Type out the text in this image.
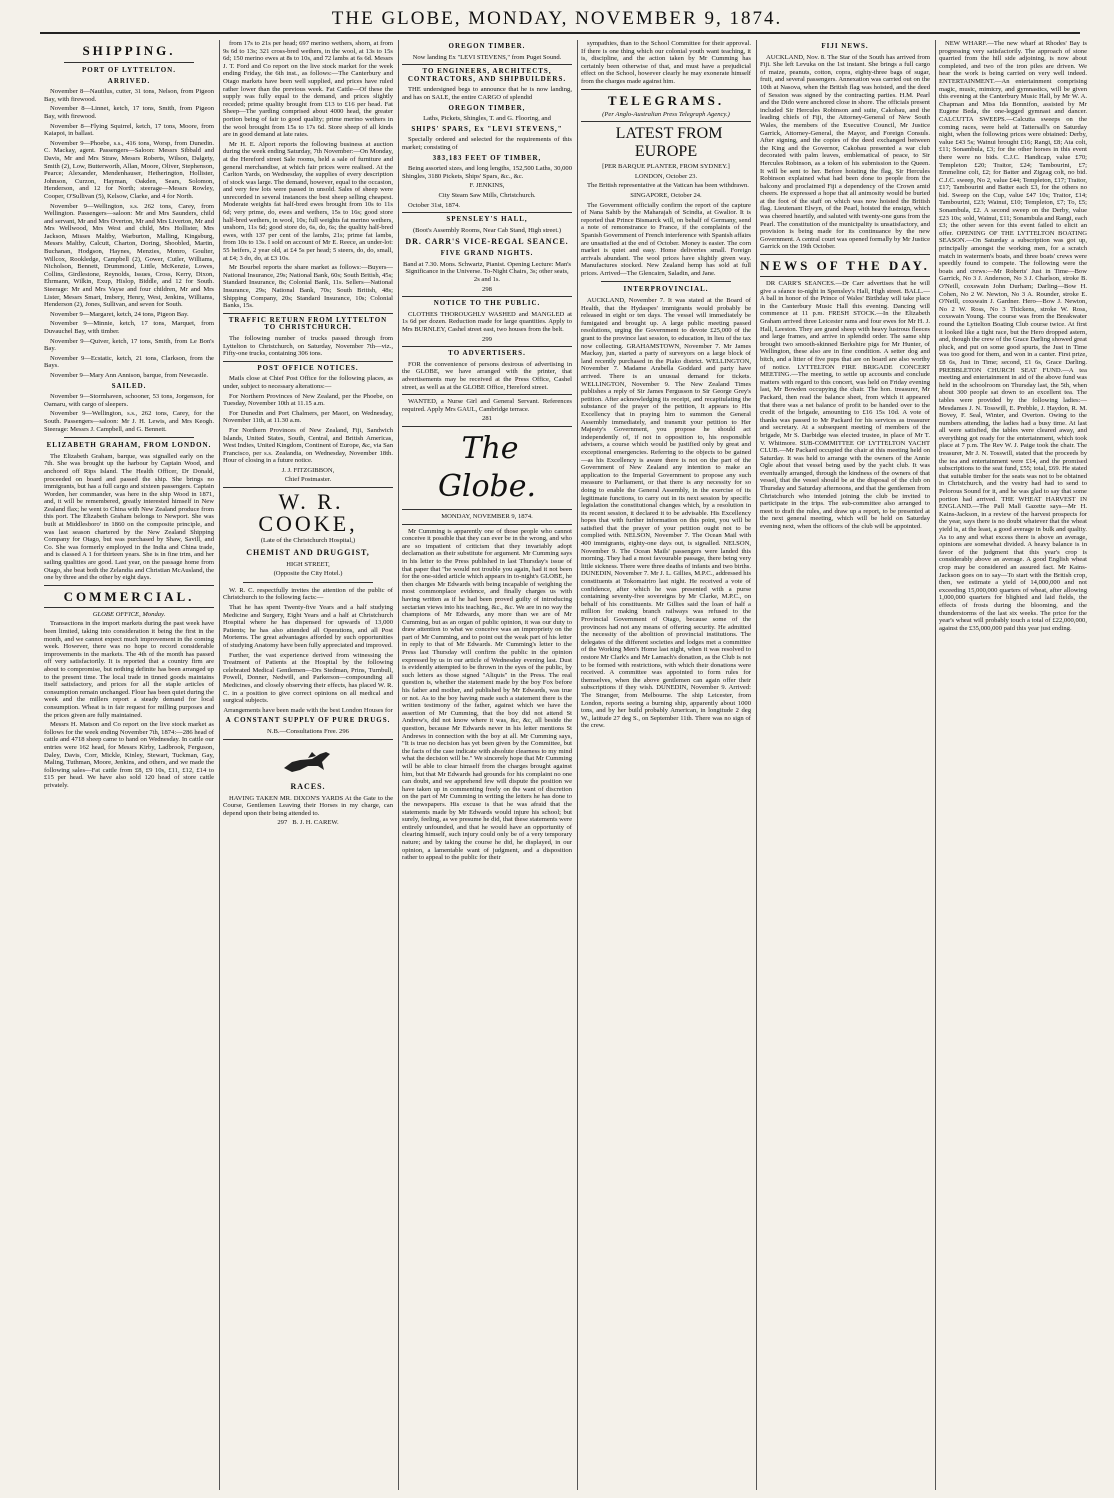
THE GLOBE, MONDAY, NOVEMBER 9, 1874.

SHIPPING.

PORT OF LYTTELTON.

ARRIVED.

November 8—Nautilus, cutter, 31 tons, Nelson, from Pigeon Bay, with firewood.

November 8—Linnet, ketch, 17 tons, Smith, from Pigeon Bay, with firewood.

November 8—Flying Squirrel, ketch, 17 tons, Moore, from Kaiapoi, in ballast.

November 9—Phoebe, s.s., 416 tons, Worsp, from Dunedin. C. Mackay, agent. Passengers—Saloon: Messrs Sibbald and Davis, Mr and Mrs Straw, Messrs Roberts, Wilson, Dalgety, Smith (2), Low, Butterworth, Allan, Moore, Oliver, Stephenson, Pearce; Alexander, Mendenhauser, Hetherington, Hollister, Johnson, Curzon, Hayman, Oakden, Sears, Solomon, Henderson, and 12 for North; steerage—Messrs Rowley, Cooper, O'Sullivan (5), Kelsow, Clarke, and 4 for North.

November 9—Wellington, s.s. 262 tons, Carey, from Wellington. Passengers—saloon: Mr and Mrs Saunders, child and servant, Mr and Mrs Overton, Mr and Mrs Liverton, Mr and Mrs Wellwood, Mrs West and child, Mrs Hollister, Mrs Jackson, Misses Maltby, Warburton, Malling, Kingsburg, Messrs Maltby, Calcutt, Charton, Doring, Shoobled, Martin, Buchanan, Hodgson, Haynes, Menzies, Monro, Goulter, Willcox, Rookledge, Campbell (2), Gower, Cutler, Williams, Nicholson, Bennett, Drummond, Little, McKenzie, Lowes, Collins, Girdlestone, Reynolds, Issues, Cross, Kerry, Dixon, Ehrmann, Wilkin, Exup, Hislop, Biddle, and 12 for South. Steerage: Mr and Mrs Vayse and four children, Mr and Mrs Lister, Messrs Smart, Imbery, Henry, West, Jenkins, Williams, Henderson (2), Jones, Sullivan, and seven for South.

November 9—Margaret, ketch, 24 tons, Pigeon Bay.

November 9—Minnie, ketch, 17 tons, Marquet, from Duvauchel Bay, with timber.

November 9—Quiver, ketch, 17 tons, Smith, from Le Bon's Bay.

November 9—Ecstatic, ketch, 21 tons, Clarkson, from the Bays.

November 9—Mary Ann Annison, barque, from Newcastle.

SAILED.

November 9—Stormhaven, schooner, 53 tons, Jorgenson, for Oamaru, with cargo of sleepers.

November 9—Wellington, s.s., 262 tons, Carey, for the South. Passengers—saloon: Mr J. H. Lewis, and Mrs Keogh. Steerage: Messrs J. Campbell, and G. Bennett.

ELIZABETH GRAHAM, FROM LONDON.

The Elizabeth Graham, barque, was signalled early on the 7th. She was brought up the harbour by Captain Wood, and anchored off Rips Island. The Health Officer, Dr Donald, proceeded on board and passed the ship. She brings no immigrants, but has a full cargo and sixteen passengers. Captain Worden, her commander, was here in the ship Wood in 1871, and, it will be remembered, greatly interested himself in New Zealand flax; he went to China with New Zealand produce from this port. The Elizabeth Graham belongs to Newport. She was built at Middlesboro' in 1860 on the composite principle, and was last season chartered by the New Zealand Shipping Company for Otago, but was purchased by Shaw, Savill, and Co. She was formerly employed in the India and China trade, and is classed A 1 for thirteen years. She is in fine trim, and her sailing qualities are good. Last year, on the passage home from Otago, she beat both the Zelandia and Christian McAusland, the one by three and the other by eight days.

COMMERCIAL.

GLOBE OFFICE, Monday.

Transactions in the import markets during the past week have been limited, taking into consideration it being the first in the month, and we cannot expect much improvement in the coming week. However, there was no hope to record considerable improvements in the markets. The 4th of the month has passed off very satisfactorily. It is reported that a country firm are about to compromise, but nothing definite has been arranged up to the present time. The local trade in tinned goods maintains itself satisfactory, and prices for all the staple articles of consumption remain unchanged. Flour has been quiet during the week and the millers report a steady demand for local consumption. Wheat is in fair request for milling purposes and the prices given are fully maintained.

Messrs H. Matson and Co report on the live stock market as follows for the week ending November 7th, 1874:—286 head of cattle and 4718 sheep came to hand on Wednesday. In cattle our entries were 162 head, for Messrs Kirby, Ladbrook, Ferguson, Daley, Davis, Corr, Mickle, Kinley, Stewart, Tuckman, Gay, Maling, Tuthman, Moore, Jenkins, and others, and we made the following sales—Fat cattle from £8, £9 10s, £11, £12, £14 to £15 per head. We have also sold 120 head of store cattle privately.

from 17s to 21s per head; 697 merino wethers, shorn, at from 9s 6d to 13s; 321 cross-bred wethers, in the wool, at 13s to 15s 6d; 150 merino ewes at 8s to 10s, and 72 lambs at 6s 6d. Messrs J. T. Ford and Co report on the live stock market for the week ending Friday, the 6th inst., as follows:—The Canterbury and Otago markets have been well supplied, and prices have ruled rather lower than the previous week. Fat Cattle—Of these the supply was fully equal to the demand, and prices slightly receded; prime quality brought from £13 to £16 per head. Fat Sheep—The yarding comprised about 4000 head, the greater portion being of fair to good quality; prime merino wethers in the wool brought from 15s to 17s 6d. Store sheep of all kinds are in good demand at late rates.

Mr H. E. Alport reports the following business at auction during the week ending Saturday, 7th November:—On Monday, at the Hereford street Sale rooms, held a sale of furniture and general merchandise, at which fair prices were realised. At the Carlton Yards, on Wednesday, the supplies of every description of stock was large. The demand, however, equal to the occasion, and very few lots were passed in unsold. Sales of sheep were unrecorded in several instances the best sheep selling cheapest. Moderate weights fat half-bred ewes brought from 10s to 11s 6d; very prime, do, ewes and wethers, 15s to 16s; good store half-bred wethers, in wool, 10s; full weights fat merino wethers, unshorn, 11s 6d; good store do, 6s, do, 6s; the quality half-bred ewes, with 137 per cent of the lambs, 21s; prime fat lambs, from 10s to 13s. I sold on account of Mr E. Reece, an under-lot: 55 heifers, 2 year old, at £4 5s per head; 5 steers, do, do, small, at £4; 3 do, do, at £3 10s.

Mr Bourbel reports the share market as follows:—Buyers—National Insurance, 29s; National Bank, 60s; South British, 45s; Standard Insurance, 8s; Colonial Bank, 11s. Sellers—National Insurance, 29s; National Bank, 70s; South British, 48s; Shipping Company, 20s; Standard Insurance, 10s; Colonial Banks, 15s.

TRAFFIC RETURN FROM LYTTELTON TO CHRISTCHURCH.

The following number of trucks passed through from Lyttelton to Christchurch, on Saturday, November 7th—viz., Fifty-one trucks, containing 306 tons.

POST OFFICE NOTICES.

Mails close at Chief Post Office for the following places, as under, subject to necessary alterations:—

For Northern Provinces of New Zealand, per the Phoebe, on Tuesday, November 10th at 11.15 a.m.

For Dunedin and Port Chalmers, per Maori, on Wednesday, November 11th, at 11.30 a.m.

For Northern Provinces of New Zealand, Fiji, Sandwich Islands, United States, South, Central, and British Americas, West Indies, United Kingdom, Continent of Europe, &c, via San Francisco, per s.s. Zealandia, on Wednesday, November 18th. Hour of closing in a future notice.

J. J. FITZGIBBON,

Chief Postmaster.

W. R. COOKE,

(Late of the Christchurch Hospital,)

CHEMIST AND DRUGGIST,

HIGH STREET,

(Opposite the City Hotel.)

W. R. C. respectfully invites the attention of the public of Christchurch to the following facts:—

That he has spent Twenty-five Years and a half studying Medicine and Surgery, Eight Years and a half at Christchurch Hospital where he has dispensed for upwards of 13,000 Patients; he has also attended all Operations, and all Post Mortems. The great advantages afforded by such opportunities of studying Anatomy have been fully appreciated and improved.

Further, the vast experience derived from witnessing the Treatment of Patients at the Hospital by the following celebrated Medical Gentlemen—Drs Stedman, Prins, Turnbull, Powell, Donner, Nedwill, and Parkerson—compounding all Medicines, and closely observing their effects, has placed W. R. C. in a position to give correct opinions on all medical and surgical subjects.

Arrangements have been made with the best London Houses for

A CONSTANT SUPPLY OF PURE DRUGS.

N.B.—Consultations Free. 296

RACES.

HAVING TAKEN MR. DIXON'S YARDS At the Gate to the Course, Gentlemen Leaving their Horses in my charge, can depend upon their being attended to.

297 B. J. H. CAREW.

OREGON TIMBER.

Now landing Ex "LEVI STEVENS," from Puget Sound.

TO ENGINEERS, ARCHITECTS, CONTRACTORS, AND SHIPBUILDERS.

THE undersigned begs to announce that he is now landing, and has on SALE, the entire CARGO of splendid

OREGON TIMBER,

Laths, Pickets, Shingles, T. and G. Flooring, and

SHIPS' SPARS, Ex "LEVI STEVENS,"

Specially ordered and selected for the requirements of this market; consisting of

383,183 FEET OF TIMBER,

Being assorted sizes, and long lengths, 152,500 Laths, 30,000 Shingles, 3180 Pickets, Ships' Spars, &c., &c.

F. JENKINS,

City Steam Saw Mills, Christchurch.

October 31st, 1874.

SPENSLEY'S HALL,

(Boot's Assembly Rooms, Near Cab Stand, High street.)

DR. CARR'S VICE-REGAL SEANCE.

FIVE GRAND NIGHTS.

Band at 7.30. Mons. Schwartz, Pianist. Opening Lecture: Man's Significance in the Universe. To-Night Chairs, 3s; other seats, 2s and 1s.

298

NOTICE TO THE PUBLIC.

CLOTHES THOROUGHLY WASHED and MANGLED at 1s 6d per dozen. Reduction made for large quantities. Apply to Mrs BURNLEY, Cashel street east, two houses from the belt.

299

TO ADVERTISERS.

FOR the convenience of persons desirous of advertising in the GLOBE, we have arranged with the printer, that advertisements may be received at the Press Office, Cashel street, as well as at the GLOBE Office, Hereford street.

WANTED, a Nurse Girl and General Servant. References required. Apply Mrs GAUL, Cambridge terrace.

281

The Globe.

MONDAY, NOVEMBER 9, 1874.

Mr Cumming is apparently one of those people who cannot conceive it possible that they can ever be in the wrong, and who are so impatient of criticism that they invariably adopt declamation as their substitute for argument. Mr Cumming says in his letter to the Press published in last Thursday's issue of that paper that "he would not trouble you again, had it not been for the one-sided article which appears in to-night's GLOBE, he then charges Mr Edwards with being incapable of weighing the most commonplace evidence, and finally charges us with having written as if he had been proved guilty of introducing sectarian views into his teaching, &c., &c. We are in no way the champions of Mr Edwards, any more than we are of Mr Cumming, but as an organ of public opinion, it was our duty to draw attention to what we conceive was an impropriety on the part of Mr Cumming, and to point out the weak part of his letter in reply to that of Mr Edwards. Mr Cumming's letter to the Press last Thursday will confirm the public in the opinion expressed by us in our article of Wednesday evening last. Dust is evidently attempted to be thrown in the eyes of the public, by such letters as those signed "Aliquis" in the Press. The real question is, whether the statement made by the boy Fox before his father and mother, and published by Mr Edwards, was true or not. As to the boy having made such a statement there is the written testimony of the father, against which we have the assertion of Mr Cumming, that the boy did not attend St Andrew's, did not know where it was, &c, &c, all beside the question, because Mr Edwards never in his letter mentions St Andrews in connection with the boy at all. Mr Cumming says, "It is true no decision has yet been given by the Committee, but the facts of the case indicate with absolute clearness to my mind what the decision will be." We sincerely hope that Mr Cumming will be able to clear himself from the charges brought against him, but that Mr Edwards had grounds for his complaint no one can doubt, and we apprehend few will dispute the position we have taken up in commenting freely on the want of discretion on the part of Mr Cumming in writing the letters he has done to the newspapers. His excuse is that he was afraid that the statements made by Mr Edwards would injure his school; but surely, feeling, as we presume he did, that these statements were entirely unfounded, and that he would have an opportunity of clearing himself, such injury could only be of a very temporary nature; and by taking the course he did, he displayed, in our opinion, a lamentable want of judgment, and a disposition rather to appeal to the public for their

sympathies, than to the School Committee for their approval. If there is one thing which our colonial youth want teaching, it is, discipline, and the action taken by Mr Cumming has certainly been otherwise of that, and must have a prejudicial effect on the School, however clearly he may exonerate himself from the charges made against him.

TELEGRAMS.

(Per Anglo-Australian Press Telegraph Agency.)

LATEST FROM EUROPE

[PER BARQUE PLANTER, FROM SYDNEY.]

LONDON, October 23.

The British representative at the Vatican has been withdrawn.

SINGAPORE, October 24.

The Government officially confirm the report of the capture of Nana Sahib by the Maharajah of Scindia, at Gwalior. It is reported that Prince Bismarck will, on behalf of Germany, send a note of remonstrance to France, if the complaints of the Spanish Government of French interference with Spanish affairs are unsatisfied at the end of October. Money is easier. The corn market is quiet and easy. Home deliveries small. Foreign arrivals abundant. The wool prices have slightly given way. Manufactures stocked. New Zealand hemp has sold at full prices. Arrived—The Glencairn, Saladin, and Jane.

INTERPROVINCIAL.

AUCKLAND, November 7. It was stated at the Board of Health, that the Hydaspes' immigrants would probably be released in eight or ten days. The vessel will immediately be fumigated and brought up. A large public meeting passed resolutions, urging the Government to devote £25,000 of the grant to the province last session, to education, in lieu of the tax now collecting. GRAHAMSTOWN, November 7. Mr James Mackay, jun, started a party of surveyors on a large block of land recently purchased in the Piako district. WELLINGTON, November 7. Madame Arabella Goddard and party have arrived. There is an unusual demand for tickets. WELLINGTON, November 9. The New Zealand Times publishes a reply of Sir James Fergusson to Sir George Grey's petition. After acknowledging its receipt, and recapitulating the substance of the prayer of the petition, It appears to His Excellency that in praying him to summon the General Assembly immediately, and transmit your petition to Her Majesty's Government, you propose he should act independently of, if not in opposition to, his responsible advisers, a course which would be justified only by great and exceptional emergencies. Referring to the objects to be gained—as his Excellency is aware there is not on the part of the Government of New Zealand any intention to make an application to the Imperial Government to propose any such measure to Parliament, or that there is any necessity for so doing to enable the General Assembly, in the exercise of its legitimate functions, to carry out in its next session by specific legislation the constitutional changes which, by a resolution in its recent session, it declared it to be advisable. His Excellency hopes that with further information on this point, you will be satisfied that the prayer of your petition ought not to be complied with. NELSON, November 7. The Ocean Mail with 400 immigrants, eighty-one days out, is signalled. NELSON, November 9. The Ocean Mails' passengers were landed this morning. They had a most favourable passage, there being very little sickness. There were three deaths of infants and two births. DUNEDIN, November 7. Mr J. L. Gillies, M.P.C., addressed his constituents at Tokomairiro last night. He received a vote of confidence, after which he was presented with a purse containing seventy-five sovereigns by Mr Clarke, M.P.C., on behalf of his constituents. Mr Gillies said the loan of half a million for making branch railways was refused to the Provincial Government of Otago, because some of the provinces had not any means of offering security. He admitted the necessity of the abolition of provincial institutions. The delegates of the different societies and lodges met a committee of the Working Men's Home last night, when it was resolved to restore Mr Clark's and Mr Lamach's donation, as the Club is not to be formed with restrictions, with which their donations were received. A committee was appointed to form rules for themselves, when the above gentlemen can again offer their subscriptions if they wish. DUNEDIN, November 9. Arrived: The Stranger, from Melbourne. The ship Leicester, from London, reports seeing a burning ship, apparently about 1000 tons, and by her build probably American, in longitude 2 deg W., latitude 27 deg S., on September 11th. There was no sign of the crew.

FIJI NEWS.

AUCKLAND, Nov. 8. The Star of the South has arrived from Fiji. She left Levuka on the 1st instant. She brings a full cargo of maize, peanuts, cotton, copra, eighty-three bags of sugar, fruit, and several passengers. Annexation was carried out on the 10th at Nasova, when the British flag was hoisted, and the deed of Session was signed by the contracting parties. H.M. Pearl and the Dido were anchored close in shore. The officials present included Sir Hercules Robinson and suite, Cakobau, and the leading chiefs of Fiji, the Attorney-General of New South Wales, the members of the Executive Council, Mr Justice Garrick, Attorney-General, the Mayor, and Foreign Consuls. After signing, and the copies of the deed exchanged between the King and the Governor, Cakobau presented a war club decorated with palm leaves, emblematical of peace, to Sir Hercules Robinson, as a token of his submission to the Queen. It will be sent to her. Before hoisting the flag, Sir Hercules Robinson explained what had been done to people from the balcony and proclaimed Fiji a dependency of the Crown amid cheers. He expressed a hope that all animosity would be buried at the foot of the staff on which was now hoisted the British flag. Lieutenant Elwyn, of the Pearl, hoisted the ensign, which was cheered heartily, and saluted with twenty-one guns from the Pearl. The constitution of the municipality is unsatisfactory, and provision is being made for its continuance by the new Government. A central court was opened formally by Mr Justice Garrick on the 19th October.

NEWS OF THE DAY.

DR CARR'S SEANCES.—Dr Carr advertises that he will give a séance to-night in Spensley's Hall, High street. BALL.—A ball in honor of the Prince of Wales' Birthday will take place in the Canterbury Music Hall this evening. Dancing will commence at 11 p.m. FRESH STOCK.—In the Elizabeth Graham arrived three Leicester rams and four ewes for Mr H. J. Hall, Leeston. They are grand sheep with heavy lustrous fleeces and large frames, and arrive in splendid order. The same ship brought two smooth-skinned Berkshire pigs for Mr Hunter, of Wellington, these also are in fine condition. A setter dog and bitch, and a litter of five pups that are on board are also worthy of notice. LYTTELTON FIRE BRIGADE CONCERT MEETING.—The meeting, to settle up accounts and conclude matters with regard to this concert, was held on Friday evening last, Mr Bowden occupying the chair. The hon. treasurer, Mr Packard, then read the balance sheet, from which it appeared that there was a net balance of profit to be handed over to the credit of the brigade, amounting to £16 15s 10d. A vote of thanks was passed to Mr Packard for his services as treasurer and secretary. At a subsequent meeting of members of the brigade, Mr S. Darbidge was elected trustee, in place of Mr T. V. Whitmore. SUB-COMMITTEE OF LYTTELTON YACHT CLUB.—Mr Packard occupied the chair at this meeting held on Saturday. It was held to arrange with the owners of the Annie Ogle about that vessel being used by the yacht club. It was eventually arranged, through the kindness of the owners of that vessel, that the vessel should be at the disposal of the club on Thursday and Saturday afternoons, and that the gentlemen from Christchurch who intended joining the club be invited to participate in the trips. The sub-committee also arranged to meet to draft the rules, and draw up a report, to be presented at the next general meeting, which will be held on Saturday evening next, when the officers of the club will be appointed.

NEW WHARF.—The new wharf at Rhodes' Bay is progressing very satisfactorily. The approach of stone quarried from the hill side adjoining, is now about completed, and two of the iron piles are driven. We hear the work is being carried on very well indeed. ENTERTAINMENT.—An entertainment comprising magic, music, mimicry, and gymnastics, will be given this evening at the Canterbury Music Hall, by Mr W. A. Chapman and Miss Ida Bonnifon, assisted by Mr Eugene Beda, the one-legged gymnast and dancer. CALCUTTA SWEEPS.—Calcutta sweeps on the coming races, were held at Tattersall's on Saturday night, when the following prices were obtained: Derby, value £43 5s; Wainui brought £16; Rangi, £8; Ata colt, £11; Sonambula, £3; for the other horses in this event there were no bids. C.J.C. Handicap, value £70; Templeton £20; Traitor, £24; Tambourini, £7; Emmeline colt, £2; for Batter and Zigzag colt, no bid. C.J.C. sweep, No 2, value £44; Templeton, £17; Traitor, £17; Tambourini and Batter each £3, for the others no bid. Sweep on the Cup, value £47 10s; Traitor, £14; Tambourini, £23; Wainui, £10; Templeton, £7; To, £5; Sonambula, £2. A second sweep on the Derby, value £23 10s; sold, Wainui, £11; Sonambula and Rangi, each £3; the other seven for this event failed to elicit an offer. OPENING OF THE LYTTELTON BOATING SEASON.—On Saturday a subscription was got up, principally amongst the working men, for a scratch match in watermen's boats, and three boats' crews were speedily found to compete. The following were the boats and crews:—Mr Roberts' Just in Time—Bow Garrick, No 3 J. Anderson, No 3 J. Charlson, stroke B. O'Neill, coxswain John Durham; Darling—Bow H. Cohen, No 2 W. Newton, No 3 A. Rounder, stroke E. O'Neill, coxswain J. Gardner. Hero—Bow J. Newton, No 2 W. Ross, No 3 Thickens, stroke W. Ross, coxswain Young. The course was from the Breakwater round the Lyttelton Boating Club course twice. At first it looked like a tight race, but the Hero dropped astern, and, though the crew of the Grace Darling showed great pluck, and put on some good spurts, the Just in Time was too good for them, and won in a canter. First prize, £8 6s, Just in Time; second, £1 6s, Grace Darling. PREBBLETON CHURCH SEAT FUND.—A tea meeting and entertainment in aid of the above fund was held in the schoolroom on Thursday last, the 5th, when about 300 people sat down to an excellent tea. The tables were provided by the following ladies:—Mesdames J. N. Tosswill, E. Prebble, J. Haydon, R. M. Bovey, F. Seal, Winter, and Overton. Owing to the numbers attending, the ladies had a busy time. At last all were satisfied, the tables were cleared away, and everything got ready for the entertainment, which took place at 7 p.m. The Rev W. J. Paige took the chair. The treasurer, Mr J. N. Tosswill, stated that the proceeds by the tea and entertainment were £14, and the promised subscriptions to the seat fund, £55; total, £69. He stated that suitable timber for the seats was not to be obtained in Christchurch, and the vestry had had to send to Pelorous Sound for it, and he was glad to say that some portion had arrived. THE WHEAT HARVEST IN ENGLAND.—The Pall Mall Gazette says—Mr H. Kains-Jackson, in a review of the harvest prospects for the year, says there is no doubt whatever that the wheat yield is, at the least, a good average in bulk and quality. As to any and what excess there is above an average, opinions are somewhat divided. A heavy balance is in favor of the judgment that this year's crop is considerably above an average. A good English wheat crop may be considered an assured fact. Mr Kains-Jackson goes on to say—To start with the British crop, then, we estimate a yield of 14,000,000 and not exceeding 15,000,000 quarters of wheat, after allowing 1,000,000 quarters for blighted and laid fields, the effects of frosts during the blooming, and the thunderstorms of the last six weeks. The price for the year's wheat will probably touch a total of £22,000,000, against the £35,000,000 paid this year just ending.
